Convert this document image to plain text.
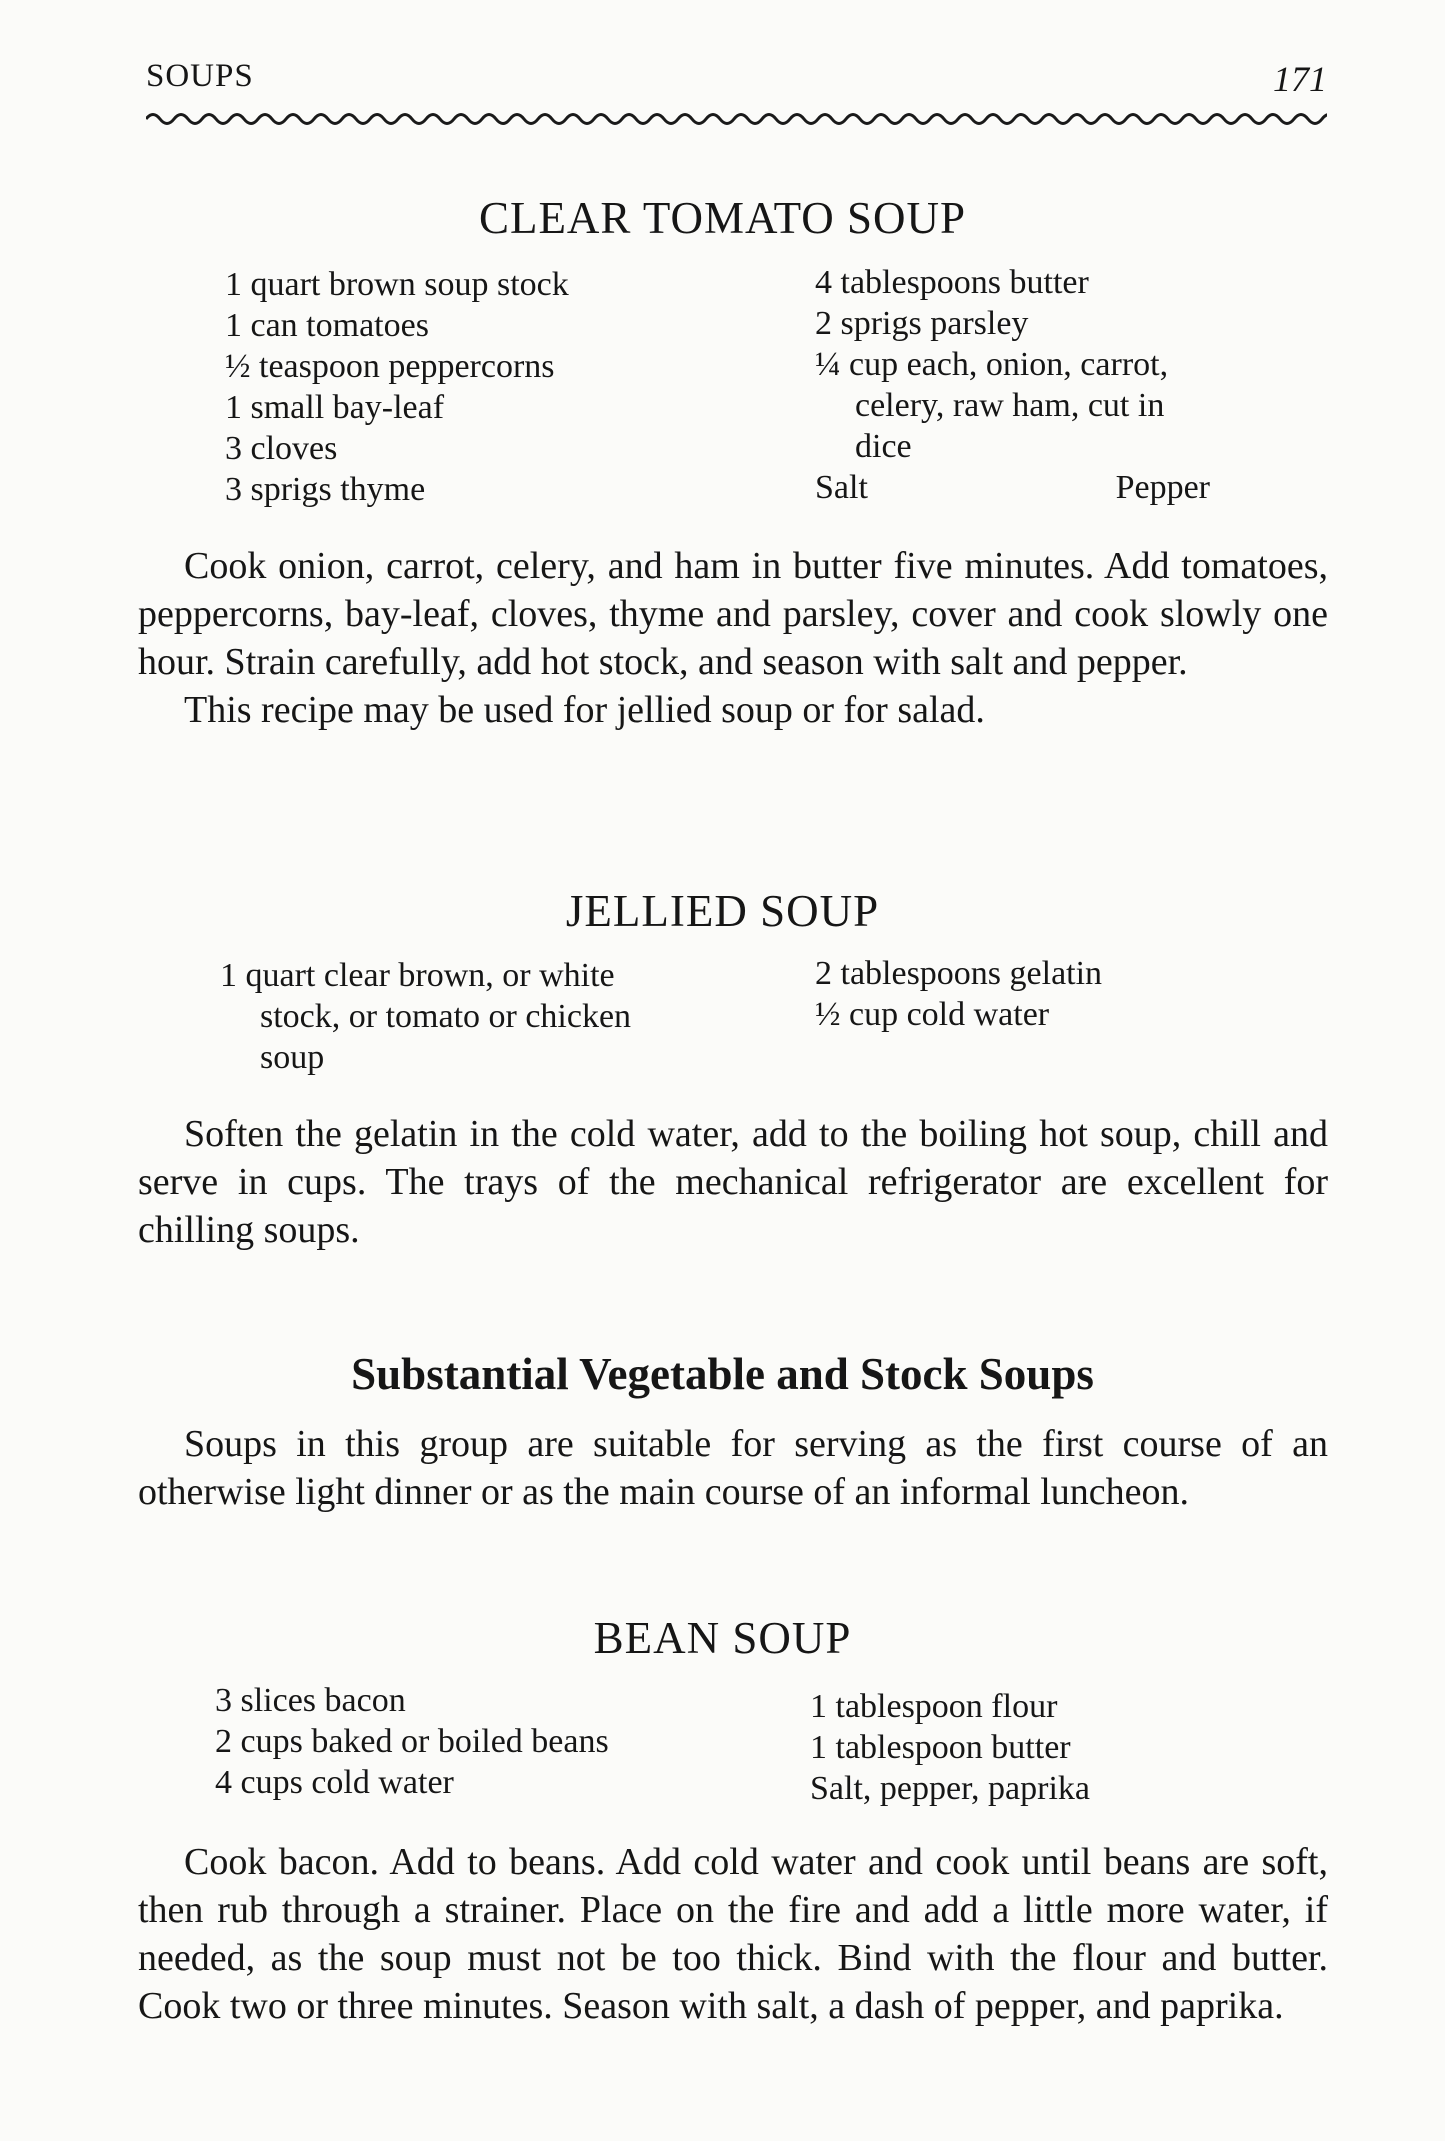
SOUPS	171
CLEAR TOMATO SOUP
1 quart brown soup stock
1 can tomatoes
½ teaspoon peppercorns
1 small bay-leaf
3 cloves
3 sprigs thyme
4 tablespoons butter
2 sprigs parsley
¼ cup each, onion, carrot,
celery, raw ham, cut in
dice
Salt	Pepper

Cook onion, carrot, celery, and ham in butter five minutes. Add tomatoes, peppercorns, bay-leaf, cloves, thyme and parsley, cover and cook slowly one hour. Strain carefully, add hot stock, and season with salt and pepper.

This recipe may be used for jellied soup or for salad.

JELLIED SOUP
1 quart clear brown, or white
stock, or tomato or chicken
soup
2 tablespoons gelatin
½ cup cold water

Soften the gelatin in the cold water, add to the boiling hot soup, chill and serve in cups. The trays of the mechanical refrigerator are excellent for chilling soups.

Substantial Vegetable and Stock Soups

Soups in this group are suitable for serving as the first course of an otherwise light dinner or as the main course of an informal luncheon.

BEAN SOUP
3 slices bacon
2 cups baked or boiled beans
4 cups cold water
1 tablespoon flour
1 tablespoon butter
Salt, pepper, paprika

Cook bacon. Add to beans. Add cold water and cook until beans are soft, then rub through a strainer. Place on the fire and add a little more water, if needed, as the soup must not be too thick. Bind with the flour and butter. Cook two or three minutes. Season with salt, a dash of pepper, and paprika.
